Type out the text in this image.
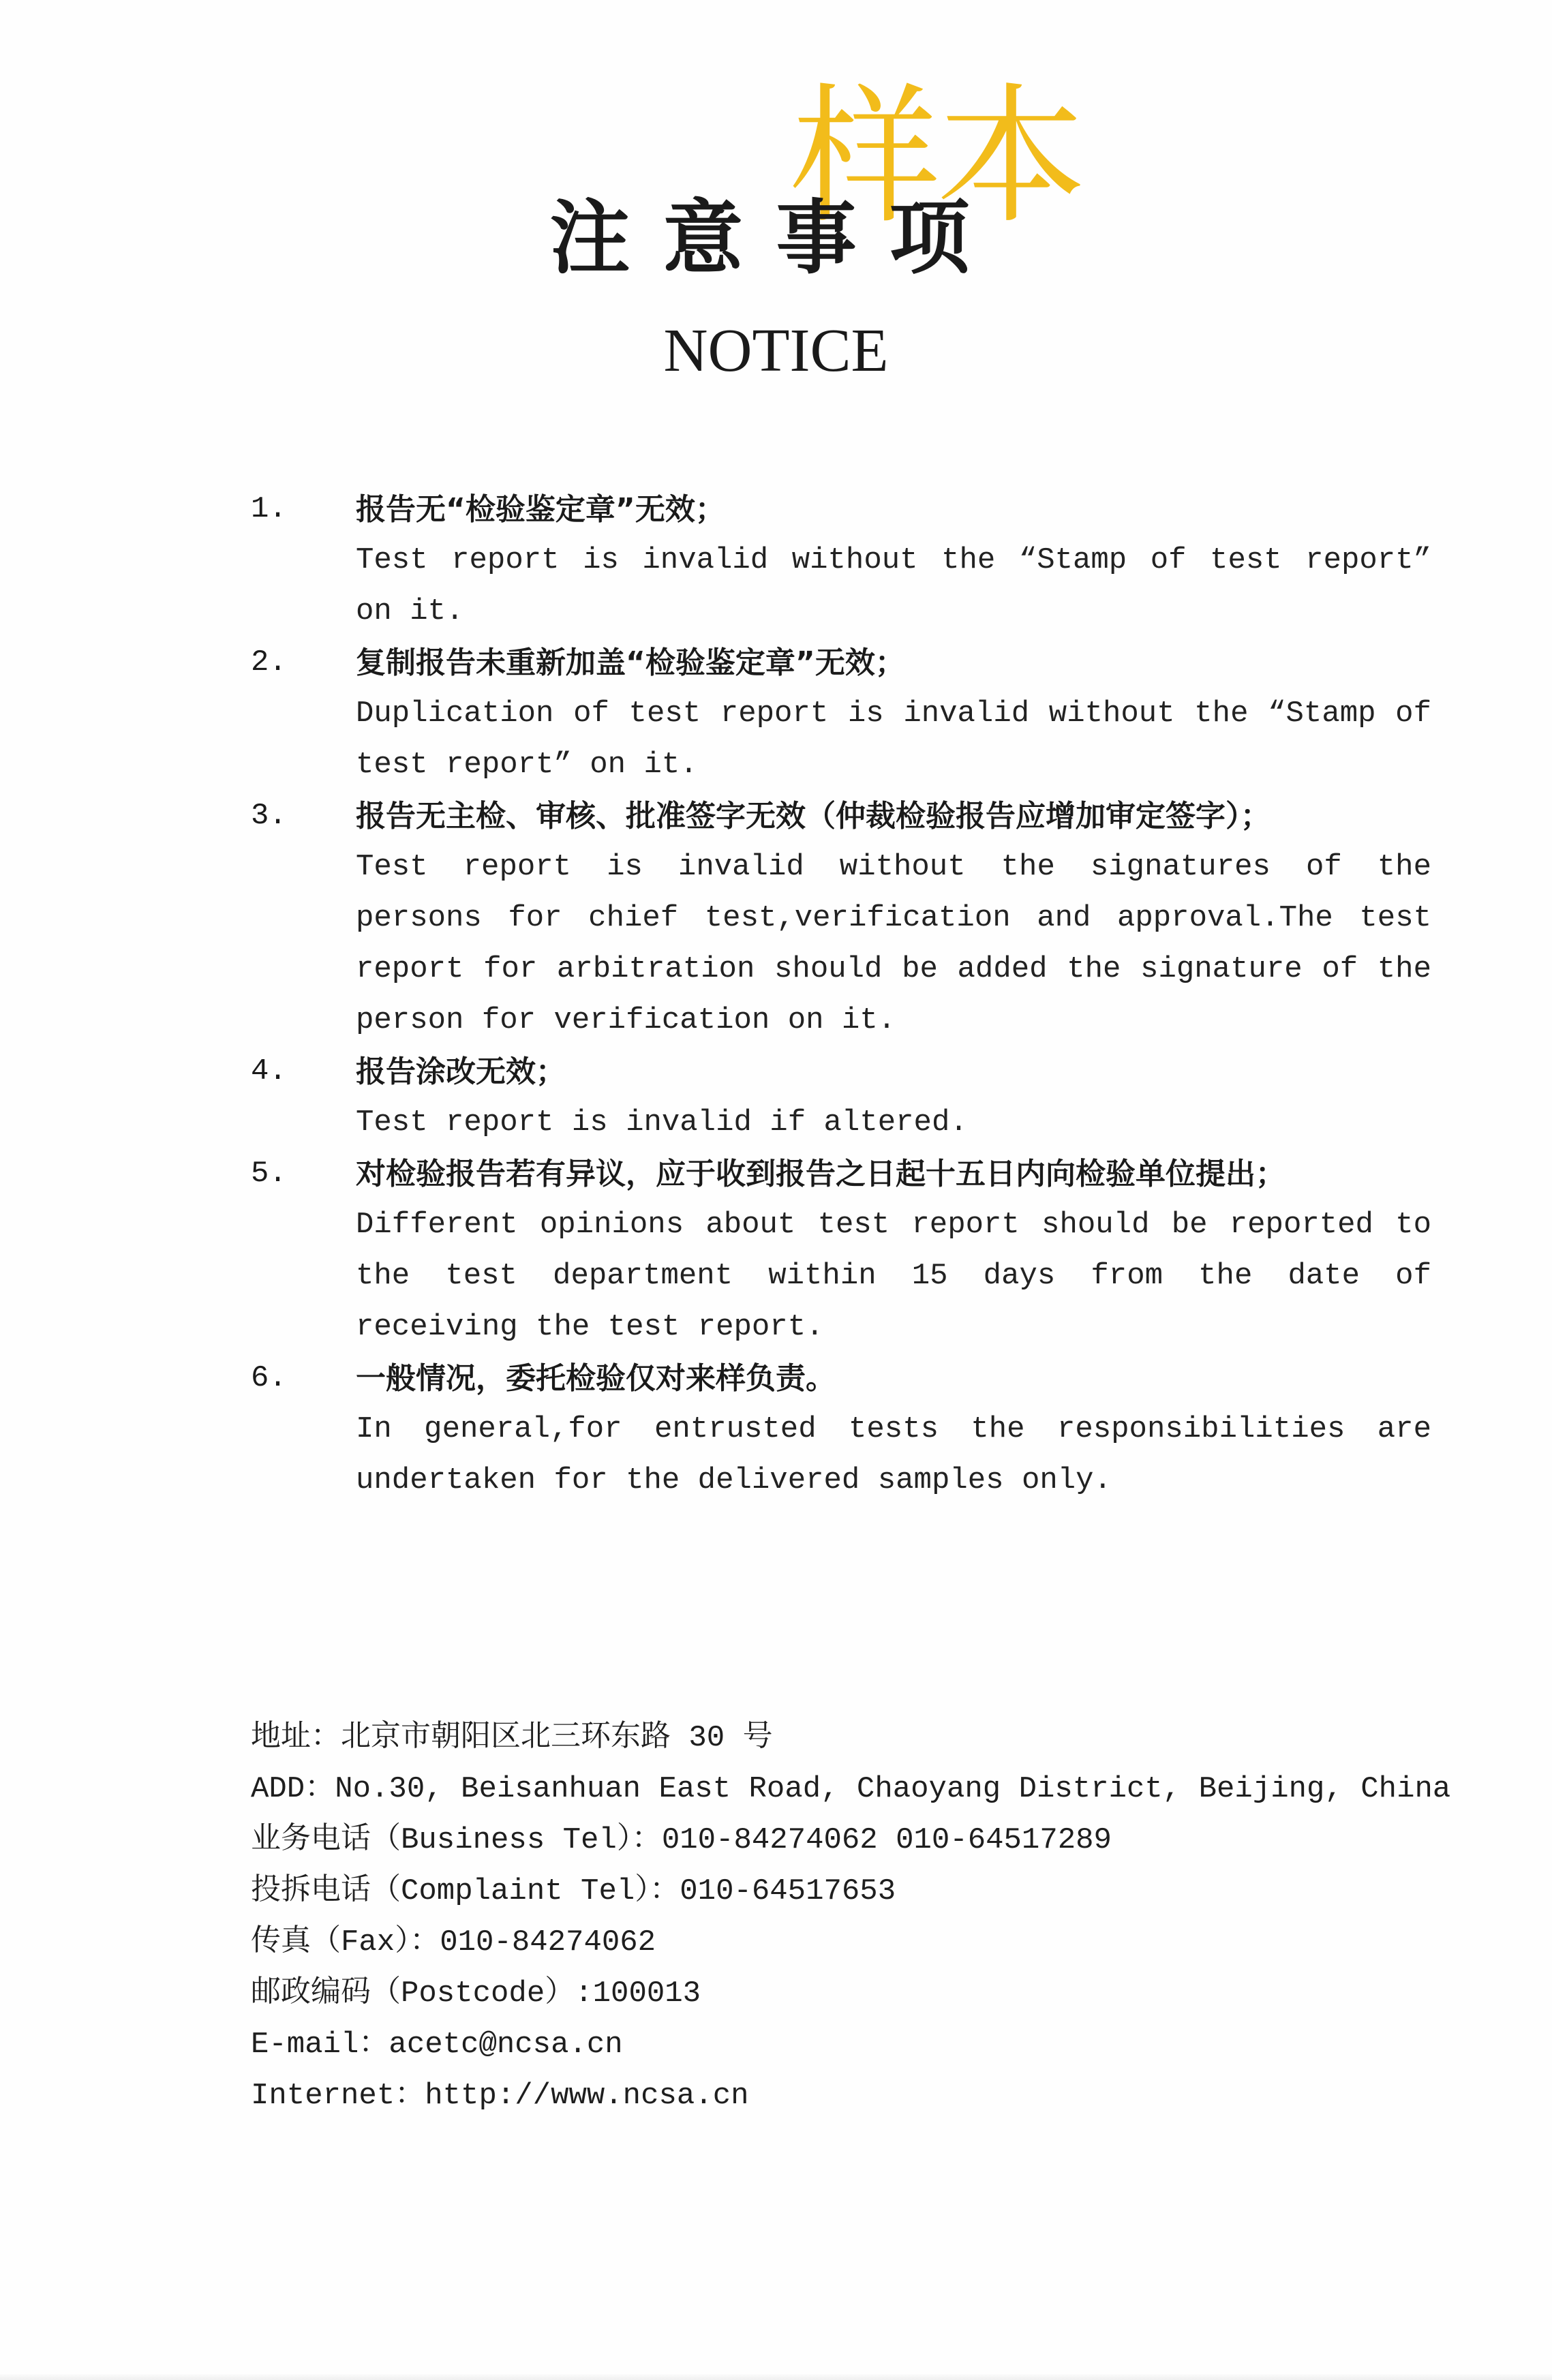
样本
注意事项
NOTICE
1. 报告无“检验鉴定章”无效；
Test report is invalid without the “Stamp of test report” on it.
2. 复制报告未重新加盖“检验鉴定章”无效；
Duplication of test report is invalid without the “Stamp of test report” on it.
3. 报告无主检、审核、批准签字无效（仲裁检验报告应增加审定签字）；
Test report is invalid without the signatures of the persons for chief test,verification and approval.The test report for arbitration should be added the signature of the person for verification on it.
4. 报告涂改无效；
Test report is invalid if altered.
5. 对检验报告若有异议，应于收到报告之日起十五日内向检验单位提出；
Different opinions about test report should be reported to the test department within 15 days from the date of receiving the test report.
6. 一般情况，委托检验仅对来样负责。
In general,for entrusted tests the responsibilities are undertaken for the delivered samples only.
地址：北京市朝阳区北三环东路 30 号
ADD：No.30, Beisanhuan East Road, Chaoyang District, Beijing, China
业务电话（Business Tel）：010-84274062 010-64517289
投拆电话（Complaint Tel）：010-64517653
传真（Fax）：010-84274062
邮政编码（Postcode）:100013
E-mail：acetc@ncsa.cn
Internet：http://www.ncsa.cn
